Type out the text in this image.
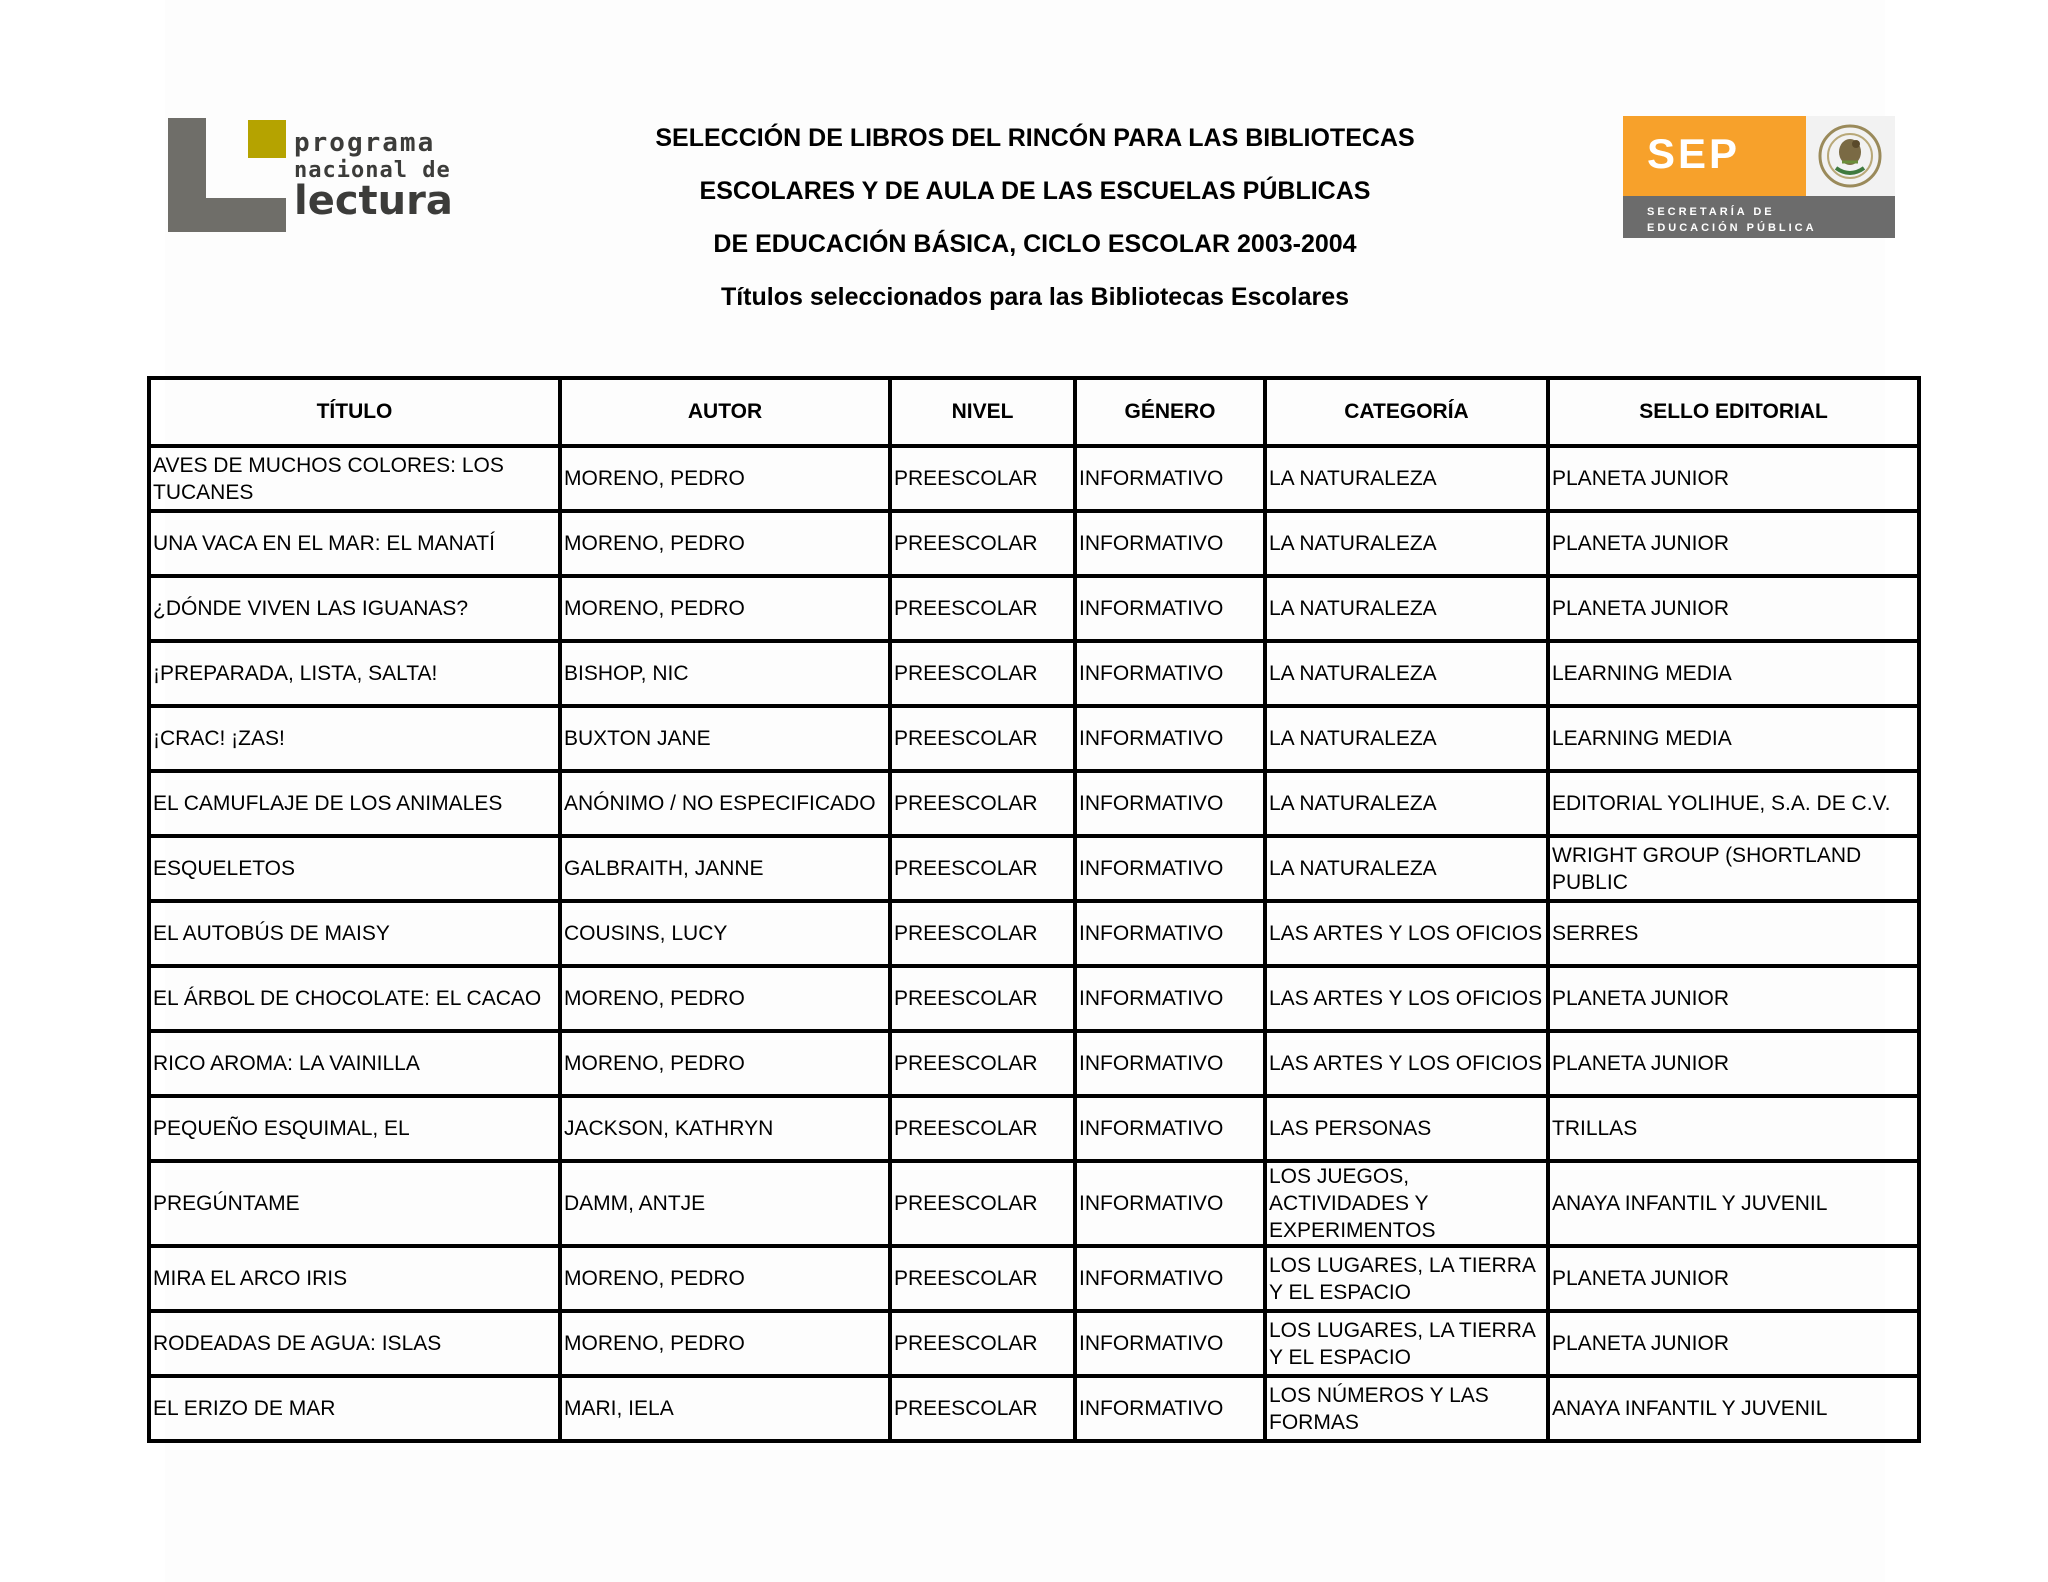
programa
nacional de
lectura
SELECCIÓN DE LIBROS DEL RINCÓN PARA LAS BIBLIOTECAS
ESCOLARES Y DE AULA DE LAS ESCUELAS PÚBLICAS
DE EDUCACIÓN BÁSICA, CICLO ESCOLAR 2003-2004
Títulos seleccionados para las Bibliotecas Escolares
SEP
SECRETARÍA DE
EDUCACIÓN PÚBLICA
TÍTULO	AUTOR	NIVEL	GÉNERO	CATEGORÍA	SELLO EDITORIAL
AVES DE MUCHOS COLORES: LOS TUCANES	MORENO, PEDRO	PREESCOLAR	INFORMATIVO	LA NATURALEZA	PLANETA JUNIOR
UNA VACA EN EL MAR: EL MANATÍ	MORENO, PEDRO	PREESCOLAR	INFORMATIVO	LA NATURALEZA	PLANETA JUNIOR
¿DÓNDE VIVEN LAS IGUANAS?	MORENO, PEDRO	PREESCOLAR	INFORMATIVO	LA NATURALEZA	PLANETA JUNIOR
¡PREPARADA, LISTA, SALTA!	BISHOP, NIC	PREESCOLAR	INFORMATIVO	LA NATURALEZA	LEARNING MEDIA
¡CRAC! ¡ZAS!	BUXTON JANE	PREESCOLAR	INFORMATIVO	LA NATURALEZA	LEARNING MEDIA
EL CAMUFLAJE DE LOS ANIMALES	ANÓNIMO / NO ESPECIFICADO	PREESCOLAR	INFORMATIVO	LA NATURALEZA	EDITORIAL YOLIHUE, S.A. DE C.V.
ESQUELETOS	GALBRAITH, JANNE	PREESCOLAR	INFORMATIVO	LA NATURALEZA	WRIGHT GROUP (SHORTLAND PUBLIC
EL AUTOBÚS DE MAISY	COUSINS, LUCY	PREESCOLAR	INFORMATIVO	LAS ARTES Y LOS OFICIOS	SERRES
EL ÁRBOL DE CHOCOLATE: EL CACAO	MORENO, PEDRO	PREESCOLAR	INFORMATIVO	LAS ARTES Y LOS OFICIOS	PLANETA JUNIOR
RICO AROMA: LA VAINILLA	MORENO, PEDRO	PREESCOLAR	INFORMATIVO	LAS ARTES Y LOS OFICIOS	PLANETA JUNIOR
PEQUEÑO ESQUIMAL, EL	JACKSON, KATHRYN	PREESCOLAR	INFORMATIVO	LAS PERSONAS	TRILLAS
PREGÚNTAME	DAMM, ANTJE	PREESCOLAR	INFORMATIVO	LOS JUEGOS, ACTIVIDADES Y EXPERIMENTOS	ANAYA INFANTIL Y JUVENIL
MIRA EL ARCO IRIS	MORENO, PEDRO	PREESCOLAR	INFORMATIVO	LOS LUGARES, LA TIERRA Y EL ESPACIO	PLANETA JUNIOR
RODEADAS DE AGUA: ISLAS	MORENO, PEDRO	PREESCOLAR	INFORMATIVO	LOS LUGARES, LA TIERRA Y EL ESPACIO	PLANETA JUNIOR
EL ERIZO DE MAR	MARI, IELA	PREESCOLAR	INFORMATIVO	LOS NÚMEROS Y LAS FORMAS	ANAYA INFANTIL Y JUVENIL
